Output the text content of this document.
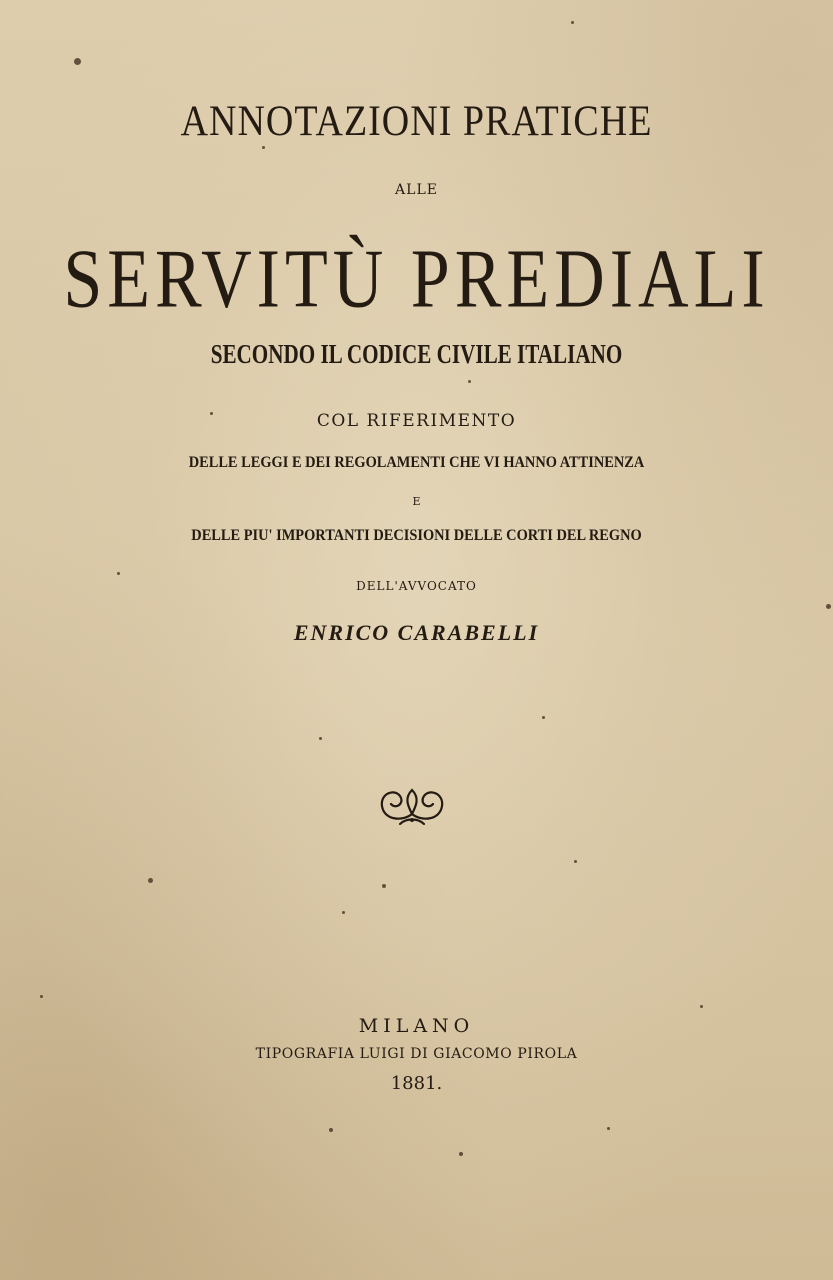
ANNOTAZIONI PRATICHE
ALLE
SERVITÙ PREDIALI
SECONDO IL CODICE CIVILE ITALIANO
COL RIFERIMENTO
DELLE LEGGI E DEI REGOLAMENTI CHE VI HANNO ATTINENZA
E
DELLE PIU' IMPORTANTI DECISIONI DELLE CORTI DEL REGNO
DELL'AVVOCATO
ENRICO CARABELLI
MILANO
TIPOGRAFIA LUIGI DI GIACOMO PIROLA
1881.
